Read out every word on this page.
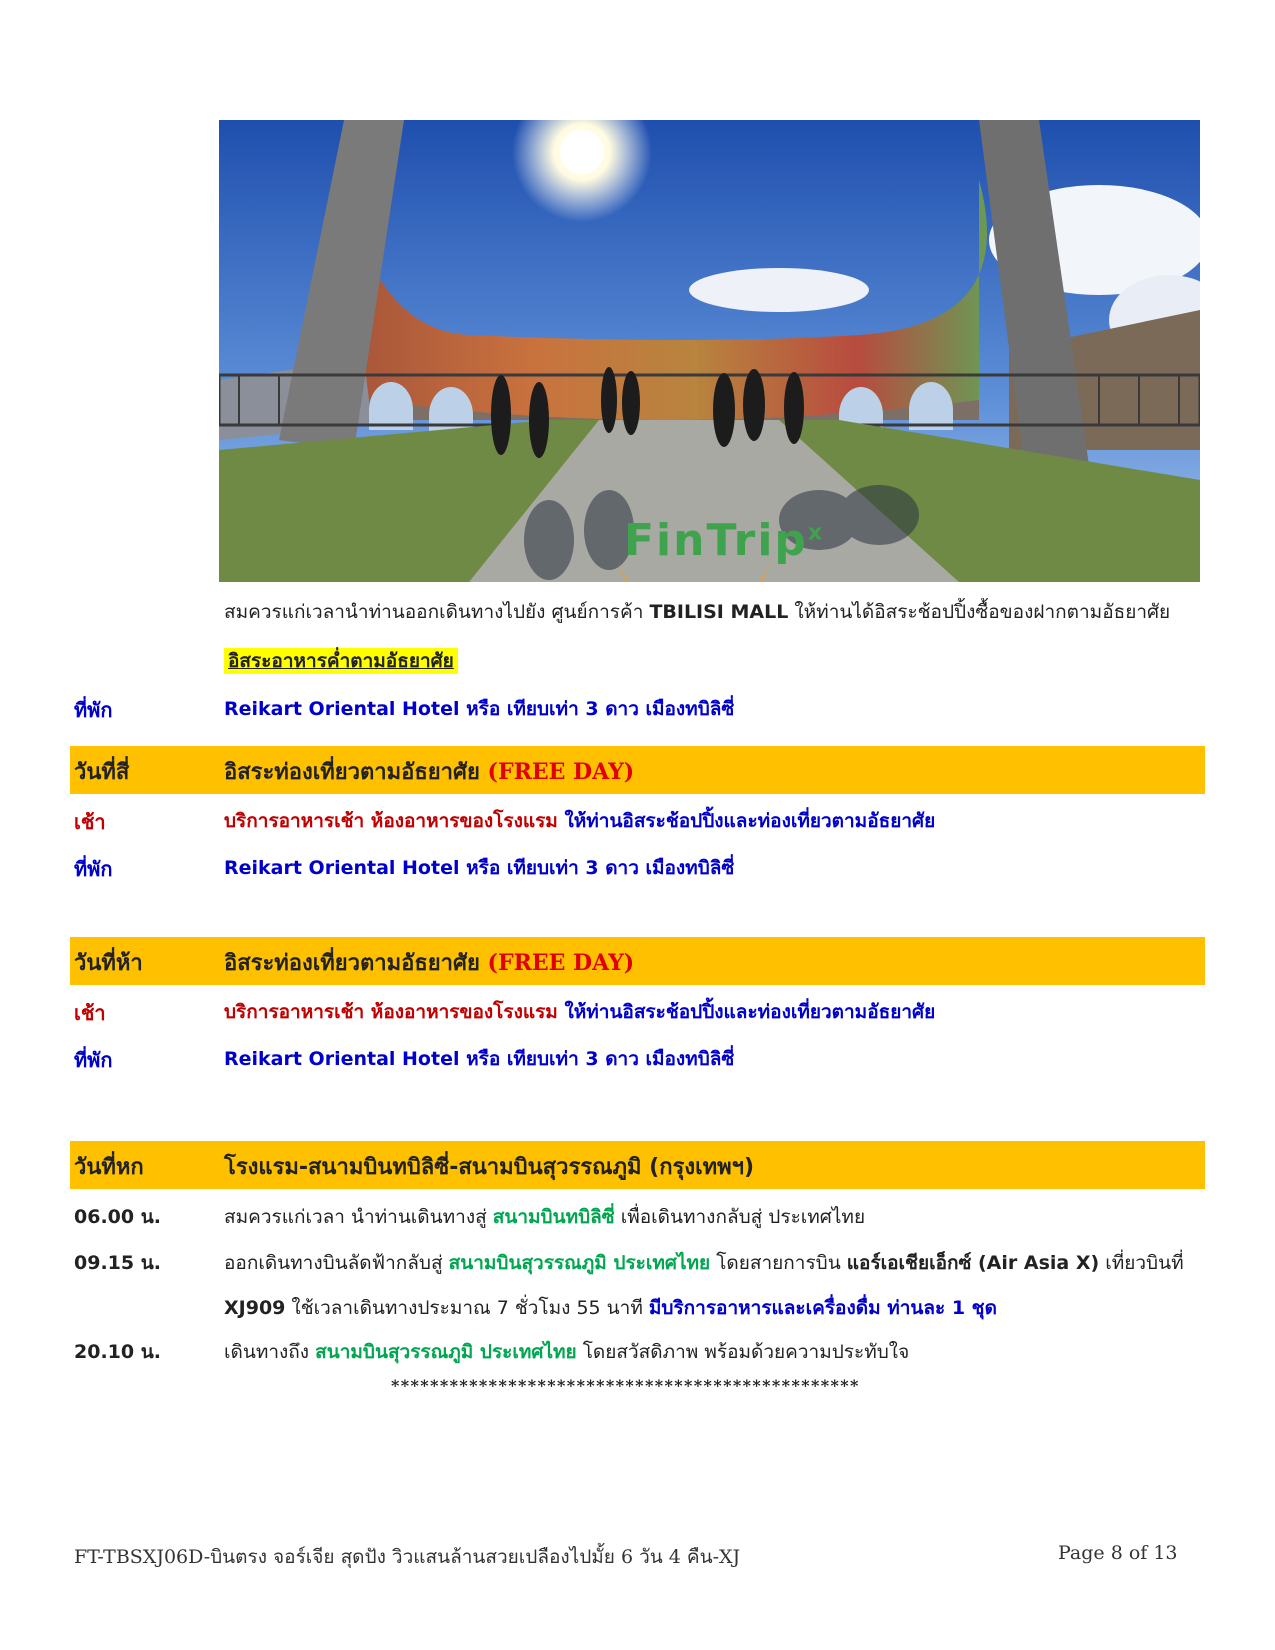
FinTrip$^x$
สมควรแก่เวลานำท่านออกเดินทางไปยัง ศูนย์การค้า TBILISI MALL ให้ท่านได้อิสระช้อปปิ้งซื้อของฝากตามอัธยาศัย
อิสระอาหารค่ำตามอัธยาศัย
ที่พัก	Reikart Oriental Hotel หรือ เทียบเท่า 3 ดาว เมืองทบิลิซี่
วันที่สี่	อิสระท่องเที่ยวตามอัธยาศัย (FREE DAY)
เช้า	บริการอาหารเช้า ห้องอาหารของโรงแรม ให้ท่านอิสระช้อปปิ้งและท่องเที่ยวตามอัธยาศัย
ที่พัก	Reikart Oriental Hotel หรือ เทียบเท่า 3 ดาว เมืองทบิลิซี่
วันที่ห้า	อิสระท่องเที่ยวตามอัธยาศัย (FREE DAY)
เช้า	บริการอาหารเช้า ห้องอาหารของโรงแรม ให้ท่านอิสระช้อปปิ้งและท่องเที่ยวตามอัธยาศัย
ที่พัก	Reikart Oriental Hotel หรือ เทียบเท่า 3 ดาว เมืองทบิลิซี่
วันที่หก	โรงแรม-สนามบินทบิลิซี่-สนามบินสุวรรณภูมิ (กรุงเทพฯ)
06.00 น.	สมควรแก่เวลา นำท่านเดินทางสู่ สนามบินทบิลิซี่ เพื่อเดินทางกลับสู่ ประเทศไทย
09.15 น.	ออกเดินทางบินลัดฟ้ากลับสู่ สนามบินสุวรรณภูมิ ประเทศไทย โดยสายการบิน แอร์เอเชียเอ็กซ์ (Air Asia X) เที่ยวบินที่
XJ909 ใช้เวลาเดินทางประมาณ 7 ชั่วโมง 55 นาที มีบริการอาหารและเครื่องดื่ม ท่านละ 1 ชุด
20.10 น.	เดินทางถึง สนามบินสุวรรณภูมิ ประเทศไทย โดยสวัสดิภาพ พร้อมด้วยความประทับใจ
************************************************
FT-TBSXJ06D-บินตรง จอร์เจีย สุดปัง วิวแสนล้านสวยเปลืองไปมั้ย 6 วัน 4 คืน-XJ	Page 8 of 13
